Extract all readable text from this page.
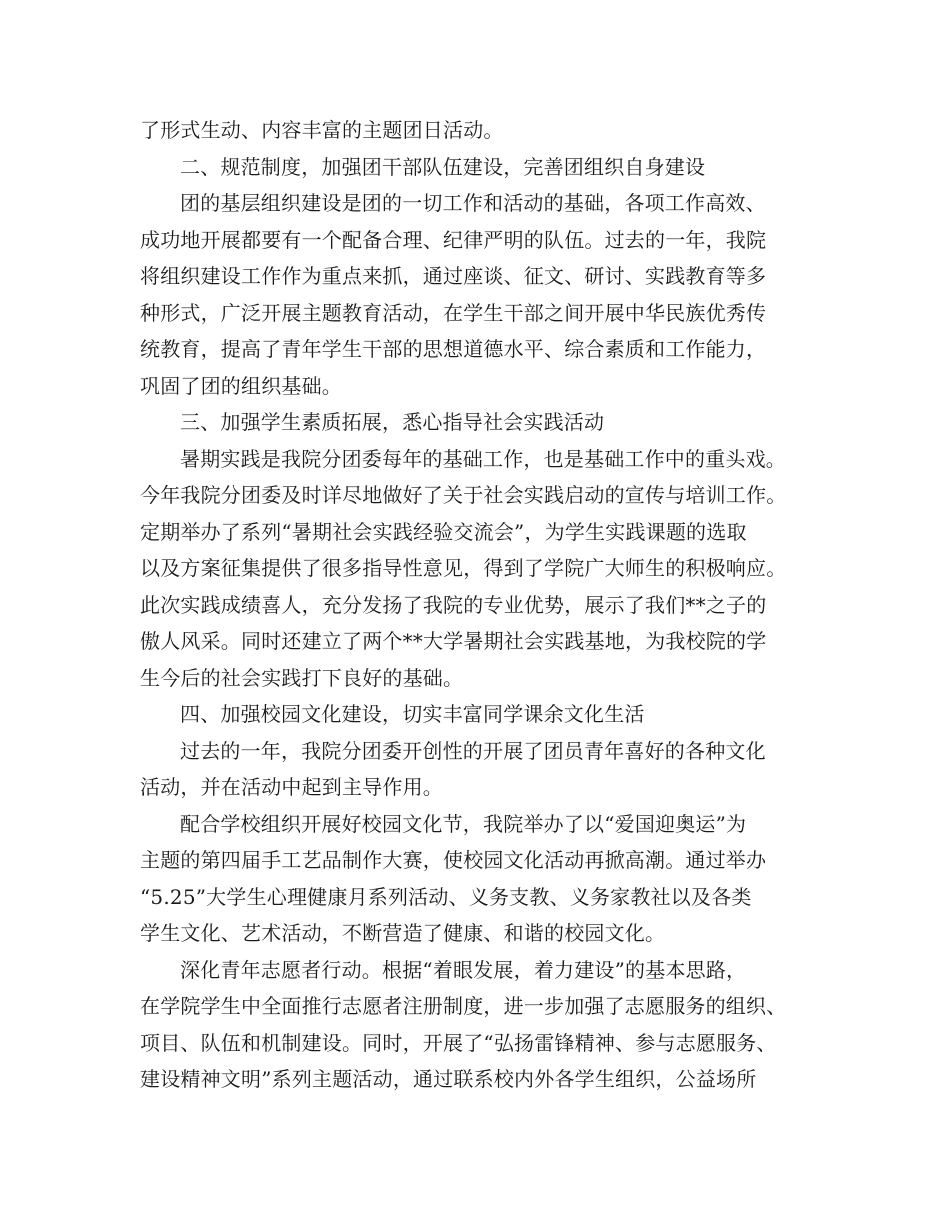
了形式生动、内容丰富的主题团日活动。
二、规范制度，加强团干部队伍建设，完善团组织自身建设
团的基层组织建设是团的一切工作和活动的基础，各项工作高效、
成功地开展都要有一个配备合理、纪律严明的队伍。过去的一年，我院
将组织建设工作作为重点来抓，通过座谈、征文、研讨、实践教育等多
种形式，广泛开展主题教育活动，在学生干部之间开展中华民族优秀传
统教育，提高了青年学生干部的思想道德水平、综合素质和工作能力，
巩固了团的组织基础。
三、加强学生素质拓展，悉心指导社会实践活动
暑期实践是我院分团委每年的基础工作，也是基础工作中的重头戏。
今年我院分团委及时详尽地做好了关于社会实践启动的宣传与培训工作。
定期举办了系列“暑期社会实践经验交流会”，为学生实践课题的选取
以及方案征集提供了很多指导性意见，得到了学院广大师生的积极响应。
此次实践成绩喜人，充分发扬了我院的专业优势，展示了我们**之子的
傲人风采。同时还建立了两个**大学暑期社会实践基地，为我校院的学
生今后的社会实践打下良好的基础。
四、加强校园文化建设，切实丰富同学课余文化生活
过去的一年，我院分团委开创性的开展了团员青年喜好的各种文化
活动，并在活动中起到主导作用。
配合学校组织开展好校园文化节，我院举办了以“爱国迎奥运”为
主题的第四届手工艺品制作大赛，使校园文化活动再掀高潮。通过举办
“5.25”大学生心理健康月系列活动、义务支教、义务家教社以及各类
学生文化、艺术活动，不断营造了健康、和谐的校园文化。
深化青年志愿者行动。根据“着眼发展，着力建设”的基本思路，
在学院学生中全面推行志愿者注册制度，进一步加强了志愿服务的组织、
项目、队伍和机制建设。同时，开展了“弘扬雷锋精神、参与志愿服务、
建设精神文明”系列主题活动，通过联系校内外各学生组织，公益场所
